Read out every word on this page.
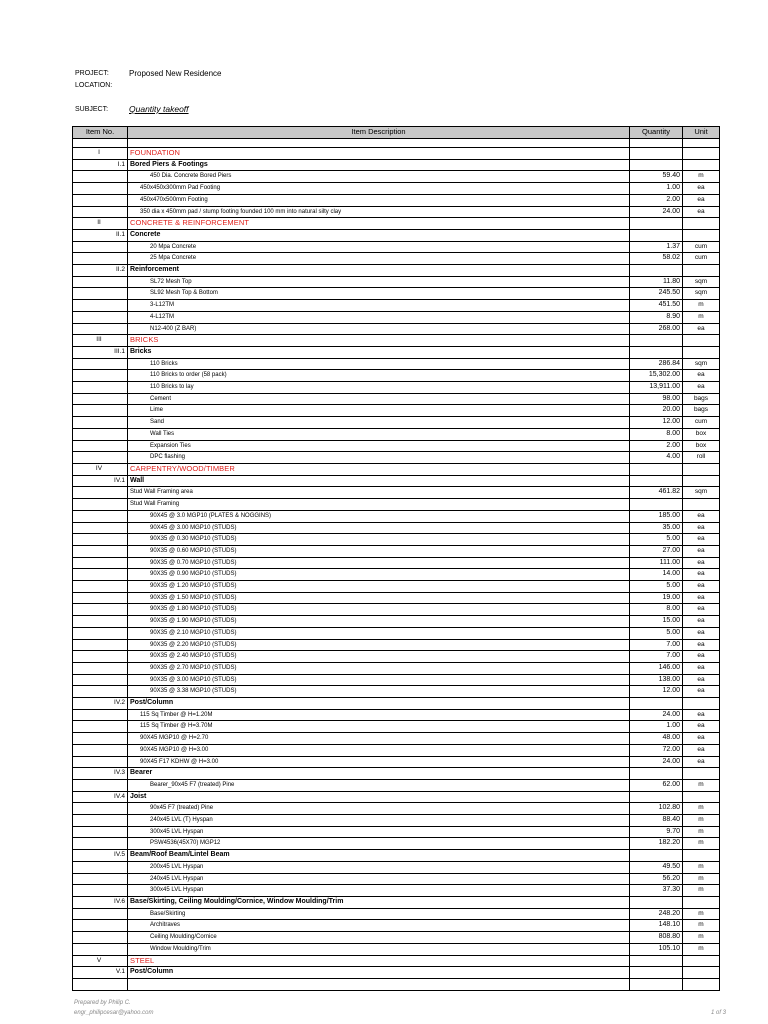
PROJECT:	Proposed New Residence
LOCATION:
SUBJECT: Quantity takeoff
Item No.	Item Description	Quantity	Unit

I	FOUNDATION		
I.1	Bored Piers & Footings		
	450 Dia. Concrete Bored Piers	59.40	m
	450x450x300mm Pad Footing	1.00	ea
	450x470x500mm Footing	2.00	ea
	350 dia x 450mm pad / stump footing founded 100 mm into natural silty clay	24.00	ea
II	CONCRETE & REINFORCEMENT		
II.1	Concrete		
	20 Mpa Concrete	1.37	cum
	25 Mpa Concrete	58.02	cum
II.2	Reinforcement		
	SL72 Mesh Top	11.80	sqm
	SL92 Mesh Top & Bottom	245.50	sqm
	3-L12TM	451.50	m
	4-L12TM	8.90	m
	N12-400 (Z BAR)	268.00	ea
III	BRICKS		
III.1	Bricks		
	110 Bricks	286.84	sqm
	110 Bricks to order (58 pack)	15,302.00	ea
	110 Bricks to lay	13,911.00	ea
	Cement	98.00	bags
	Lime	20.00	bags
	Sand	12.00	cum
	Wall Ties	8.00	box
	Expansion Ties	2.00	box
	DPC flashing	4.00	roll
IV	CARPENTRY/WOOD/TIMBER		
IV.1	Wall		
	Stud Wall Framing area	461.82	sqm
	Stud Wall Framing		
	90X45 @ 3.0 MGP10 (PLATES & NOGGINS)	185.00	ea
	90X45 @ 3.00 MGP10 (STUDS)	35.00	ea
	90X35 @ 0.30 MGP10 (STUDS)	5.00	ea
	90X35 @ 0.60 MGP10 (STUDS)	27.00	ea
	90X35 @ 0.70 MGP10 (STUDS)	111.00	ea
	90X35 @ 0.90 MGP10 (STUDS)	14.00	ea
	90X35 @ 1.20 MGP10 (STUDS)	5.00	ea
	90X35 @ 1.50 MGP10 (STUDS)	19.00	ea
	90X35 @ 1.80 MGP10 (STUDS)	8.00	ea
	90X35 @ 1.90 MGP10 (STUDS)	15.00	ea
	90X35 @ 2.10 MGP10 (STUDS)	5.00	ea
	90X35 @ 2.20 MGP10 (STUDS)	7.00	ea
	90X35 @ 2.40 MGP10 (STUDS)	7.00	ea
	90X35 @ 2.70 MGP10 (STUDS)	146.00	ea
	90X35 @ 3.00 MGP10 (STUDS)	138.00	ea
	90X35 @ 3.38 MGP10 (STUDS)	12.00	ea
IV.2	Post/Column		
	115 Sq Timber @ H=1.20M	24.00	ea
	115 Sq Timber @ H=3.70M	1.00	ea
	90X45 MGP10 @ H=2.70	48.00	ea
	90X45 MGP10 @ H=3.00	72.00	ea
	90X45 F17 KDHW @ H=3.00	24.00	ea
IV.3	Bearer		
	Bearer_90x45 F7 (treated) Pine	62.00	m
IV.4	Joist		
	90x45 F7 (treated) Pine	102.80	m
	240x45 LVL (T) Hyspan	88.40	m
	300x45 LVL Hyspan	9.70	m
	PSW4536(45X70) MGP12	182.20	m
IV.5	Beam/Roof Beam/Lintel Beam		
	200x45 LVL Hyspan	49.50	m
	240x45 LVL Hyspan	56.20	m
	300x45 LVL Hyspan	37.30	m
IV.6	Base/Skirting, Ceiling Moulding/Cornice, Window Moulding/Trim		
	Base/Skirting	248.20	m
	Architraves	148.10	m
	Ceiling Moulding/Cornice	808.80	m
	Window Moulding/Trim	105.10	m
V	STEEL		
V.1	Post/Column		

Prepared by Philip C.
engr_philipcesar@yahoo.com	1 of 3
